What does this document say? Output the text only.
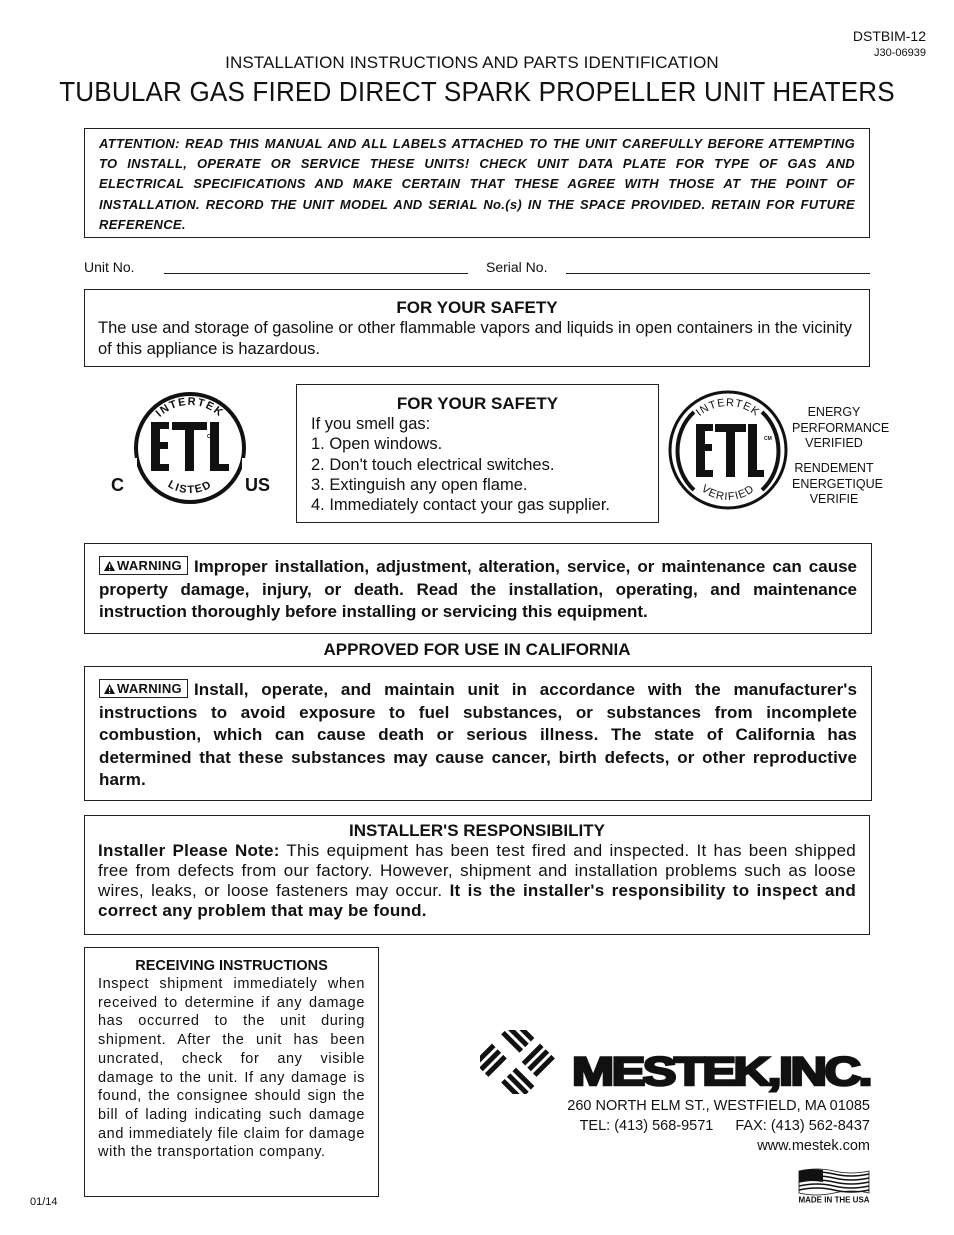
DSTBIM-12
J30-06939
INSTALLATION INSTRUCTIONS AND PARTS IDENTIFICATION
TUBULAR GAS FIRED DIRECT SPARK PROPELLER UNIT HEATERS
ATTENTION: READ THIS MANUAL AND ALL LABELS ATTACHED TO THE UNIT CAREFULLY BEFORE ATTEMPTING TO INSTALL, OPERATE OR SERVICE THESE UNITS! CHECK UNIT DATA PLATE FOR TYPE OF GAS AND ELECTRICAL SPECIFICATIONS AND MAKE CERTAIN THAT THESE AGREE WITH THOSE AT THE POINT OF INSTALLATION. RECORD THE UNIT MODEL AND SERIAL No.(s) IN THE SPACE PROVIDED. RETAIN FOR FUTURE REFERENCE.
Unit No.	Serial No.
FOR YOUR SAFETY
The use and storage of gasoline or other flammable vapors and liquids in open containers in the vicinity of this appliance is hazardous.
INTERTEK
LISTED
CM
C	US
FOR YOUR SAFETY
If you smell gas:
1. Open windows.
2. Don't touch electrical switches.
3. Extinguish any open flame.
4. Immediately contact your gas supplier.
INTERTEK
VERIFIED
CM
ENERGY
PERFORMANCE
VERIFIED
RENDEMENT
ENERGETIQUE
VERIFIE
WARNING Improper installation, adjustment, alteration, service, or maintenance can cause property damage, injury, or death. Read the installation, operating, and maintenance instruction thoroughly before installing or servicing this equipment.
APPROVED FOR USE IN CALIFORNIA
WARNING Install, operate, and maintain unit in accordance with the manufacturer's instructions to avoid exposure to fuel substances, or substances from incomplete combustion, which can cause death or serious illness. The state of California has determined that these substances may cause cancer, birth defects, or other reproductive harm.
INSTALLER'S RESPONSIBILITY
Installer Please Note: This equipment has been test fired and inspected. It has been shipped free from defects from our factory. However, shipment and installation problems such as loose wires, leaks, or loose fasteners may occur. It is the installer's responsibility to inspect and correct any problem that may be found.
RECEIVING INSTRUCTIONS
Inspect shipment immediately when received to determine if any damage has occurred to the unit during shipment. After the unit has been uncrated, check for any visible damage to the unit. If any damage is found, the consignee should sign the bill of lading indicating such damage and immediately file claim for damage with the transportation company.
01/14
MESTEK,INC.
260 NORTH ELM ST., WESTFIELD, MA 01085
TEL: (413) 568-9571 FAX: (413) 562-8437
www.mestek.com
MADE IN THE USA
